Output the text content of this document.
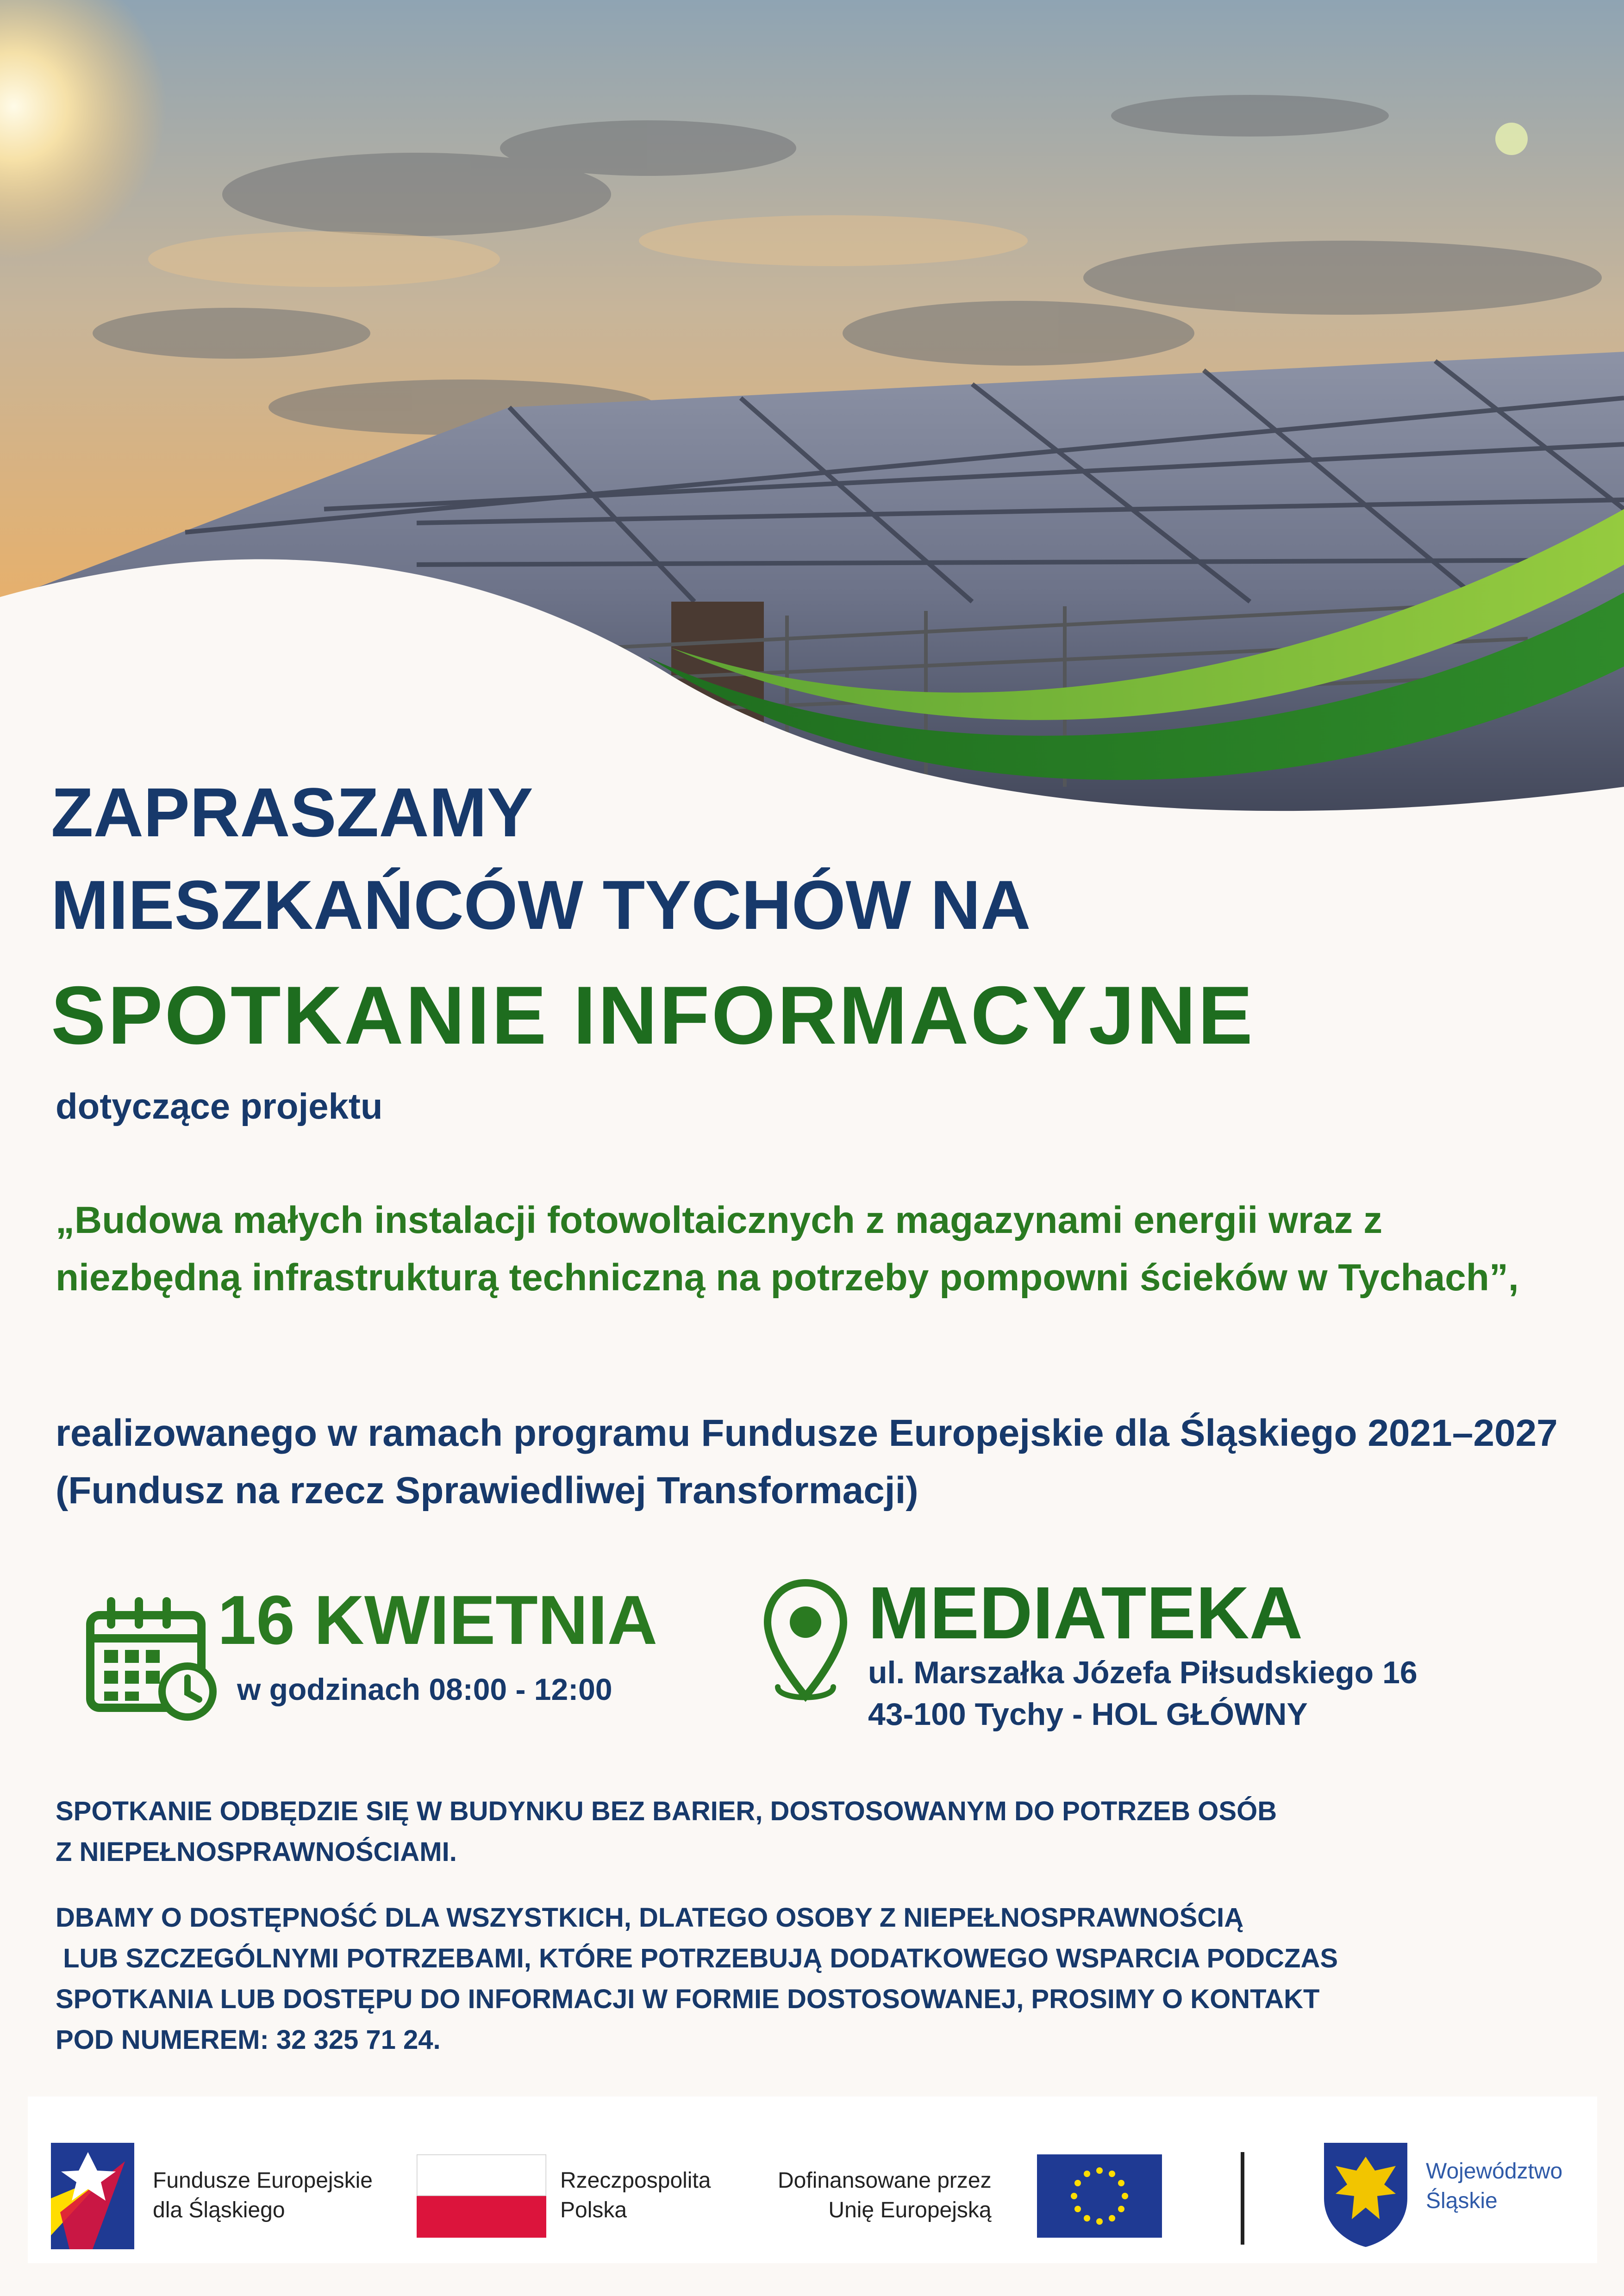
ZAPRASZAMY
MIESZKAŃCÓW TYCHÓW NA
SPOTKANIE INFORMACYJNE
dotyczące projektu
„Budowa małych instalacji fotowoltaicznych z magazynami energii wraz z niezbędną infrastrukturą techniczną na potrzeby pompowni ścieków w Tychach”,
realizowanego w ramach programu Fundusze Europejskie dla Śląskiego 2021–2027 (Fundusz na rzecz Sprawiedliwej Transformacji)
16 KWIETNIA
w godzinach 08:00 - 12:00
MEDIATEKA
ul. Marszałka Józefa Piłsudskiego 16
43-100 Tychy - HOL GŁÓWNY
SPOTKANIE ODBĘDZIE SIĘ W BUDYNKU BEZ BARIER, DOSTOSOWANYM DO POTRZEB OSÓB
Z NIEPEŁNOSPRAWNOŚCIAMI.
DBAMY O DOSTĘPNOŚĆ DLA WSZYSTKICH, DLATEGO OSOBY Z NIEPEŁNOSPRAWNOŚCIĄ
LUB SZCZEGÓLNYMI POTRZEBAMI, KTÓRE POTRZEBUJĄ DODATKOWEGO WSPARCIA PODCZAS
SPOTKANIA LUB DOSTĘPU DO INFORMACJI W FORMIE DOSTOSOWANEJ, PROSIMY O KONTAKT
POD NUMEREM: 32 325 71 24.
Fundusze Europejskie
dla Śląskiego
Rzeczpospolita
Polska
Dofinansowane przez
Unię Europejską
Województwo
Śląskie
